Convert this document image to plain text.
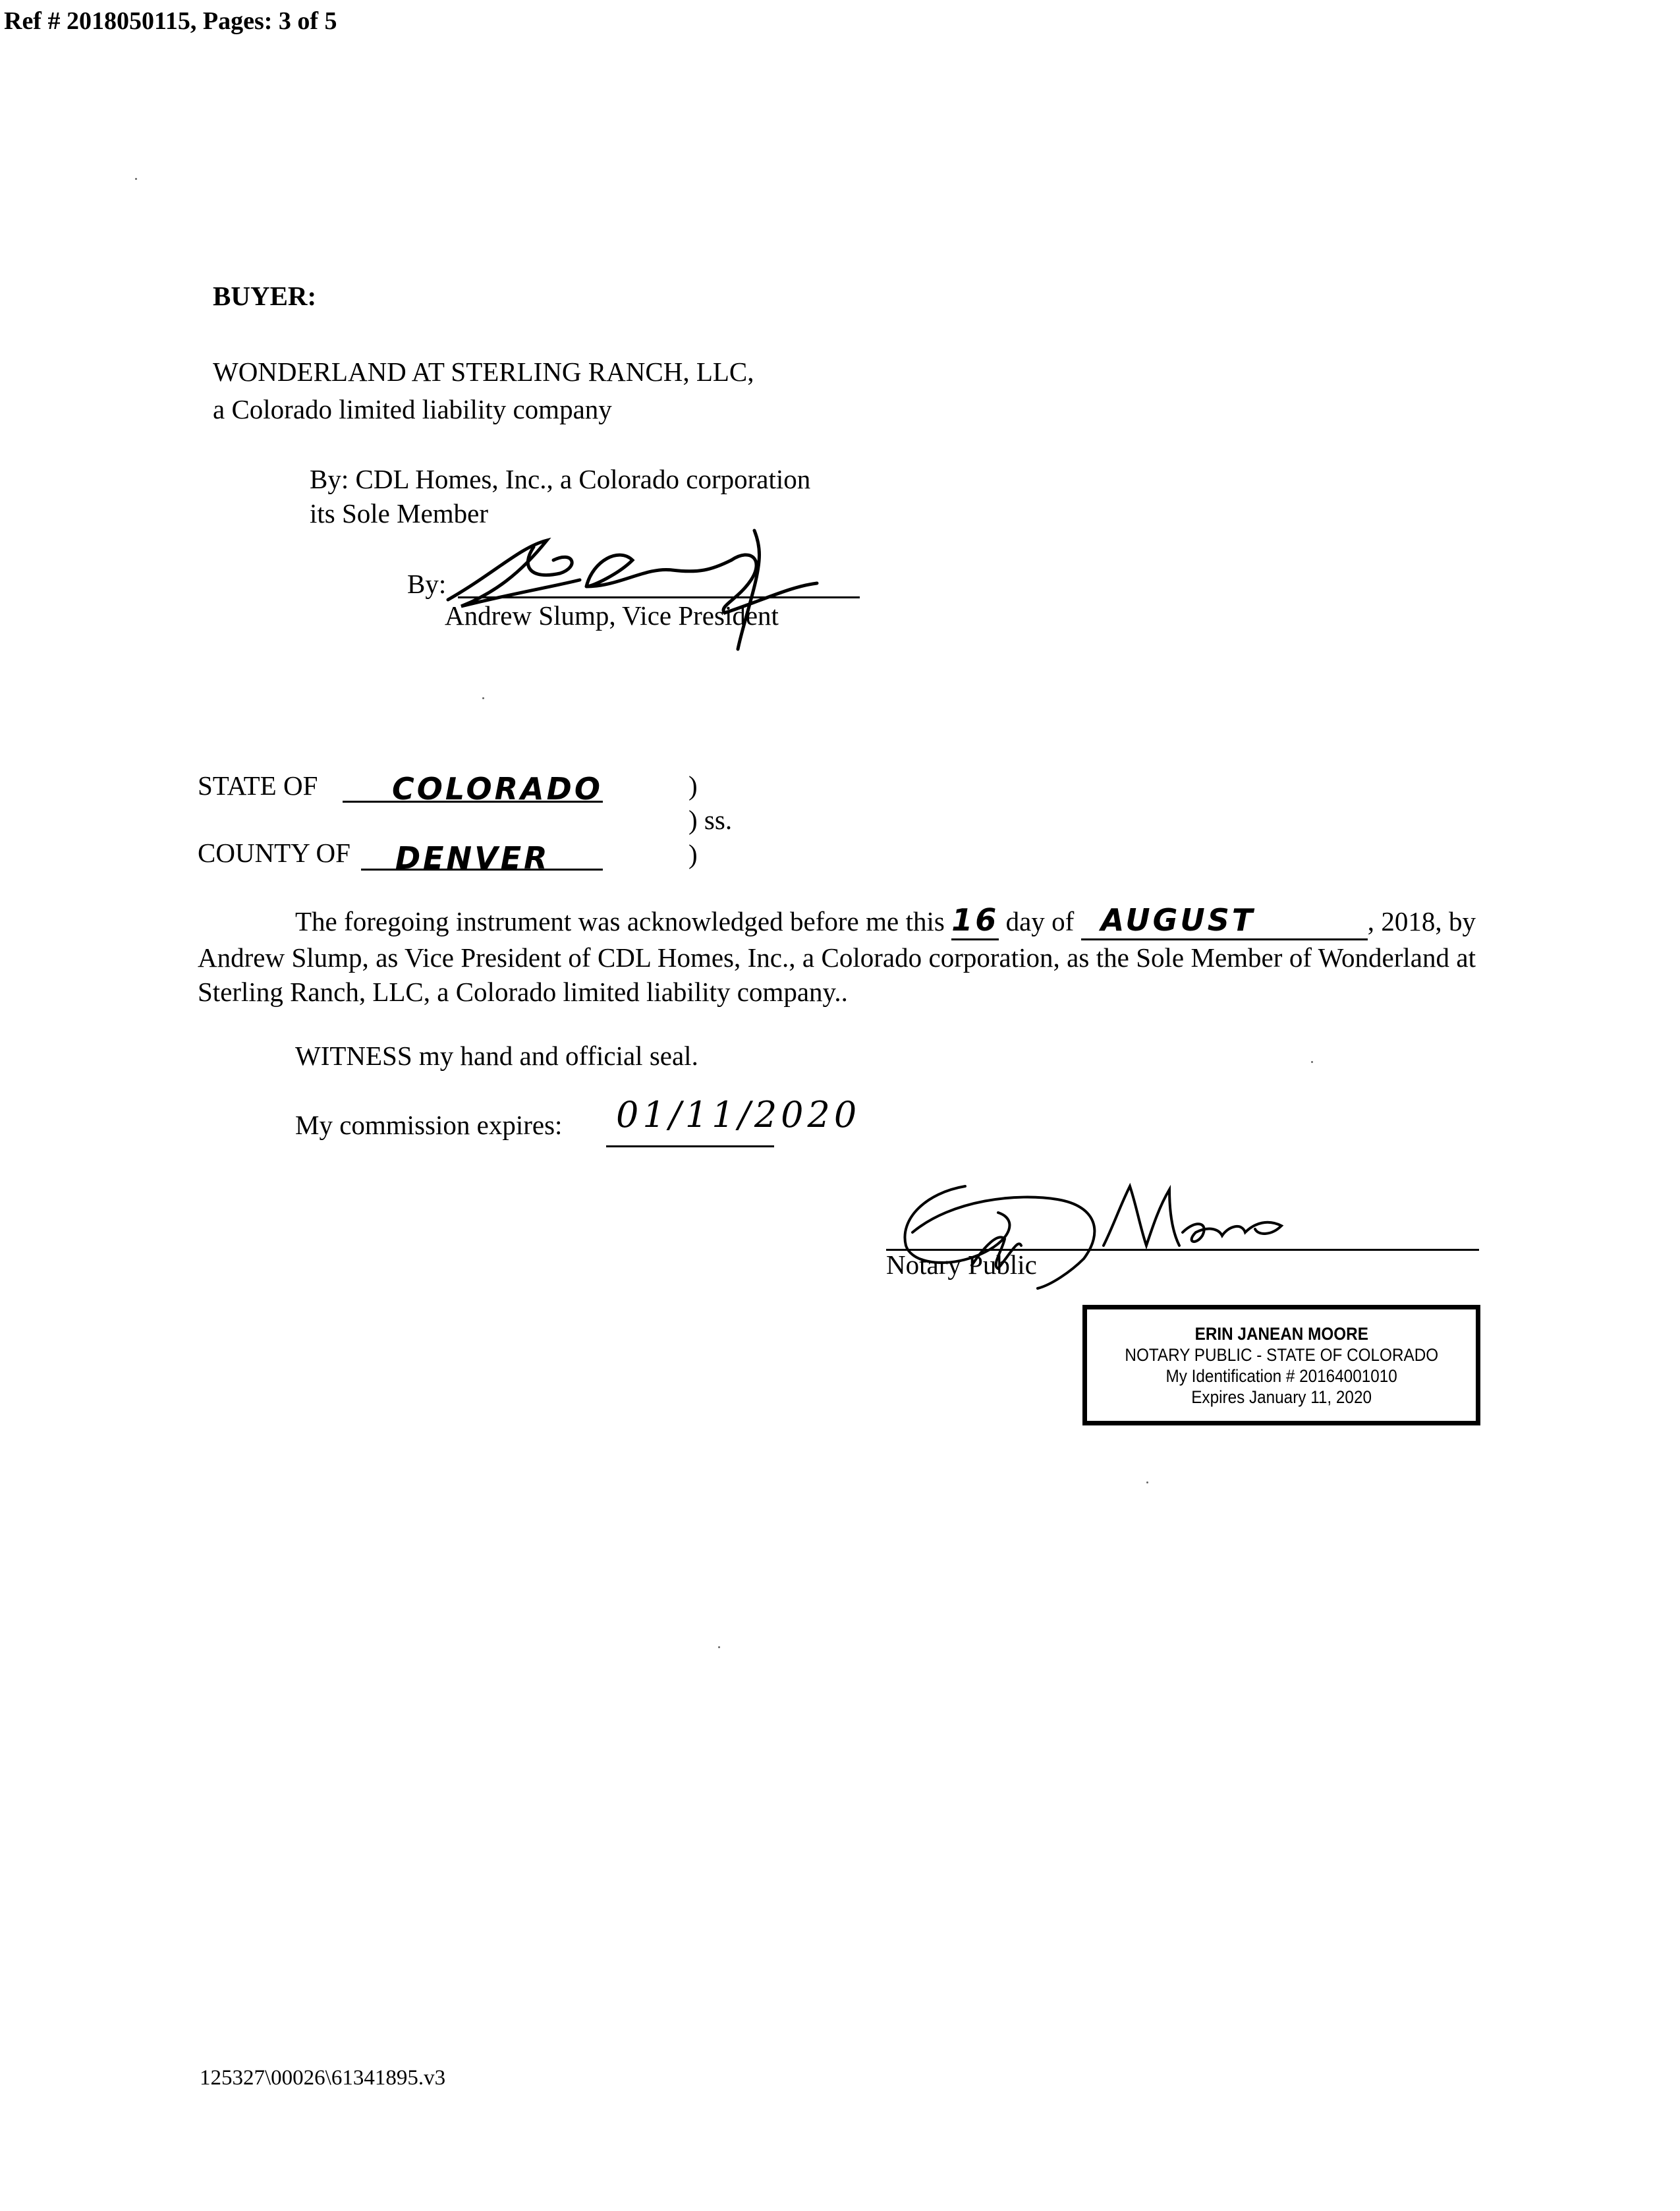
Ref # 2018050115, Pages: 3 of 5
BUYER:
WONDERLAND AT STERLING RANCH, LLC,
a Colorado limited liability company
By: CDL Homes, Inc., a Colorado corporation
its Sole Member
By:
Andrew Slump, Vice President
STATE OF COLORADO
COUNTY OF DENVER
)
) ss.
)
The foregoing instrument was acknowledged before me this 16 day of AUGUST	, 2018, by Andrew Slump, as Vice President of CDL Homes, Inc., a Colorado corporation, as the Sole Member of Wonderland at Sterling Ranch, LLC, a Colorado limited liability company..
WITNESS my hand and official seal.
My commission expires: 01/11/2020
Notary Public
ERIN JANEAN MOORE
NOTARY PUBLIC - STATE OF COLORADO
My Identification # 20164001010
Expires January 11, 2020
125327\00026\61341895.v3
